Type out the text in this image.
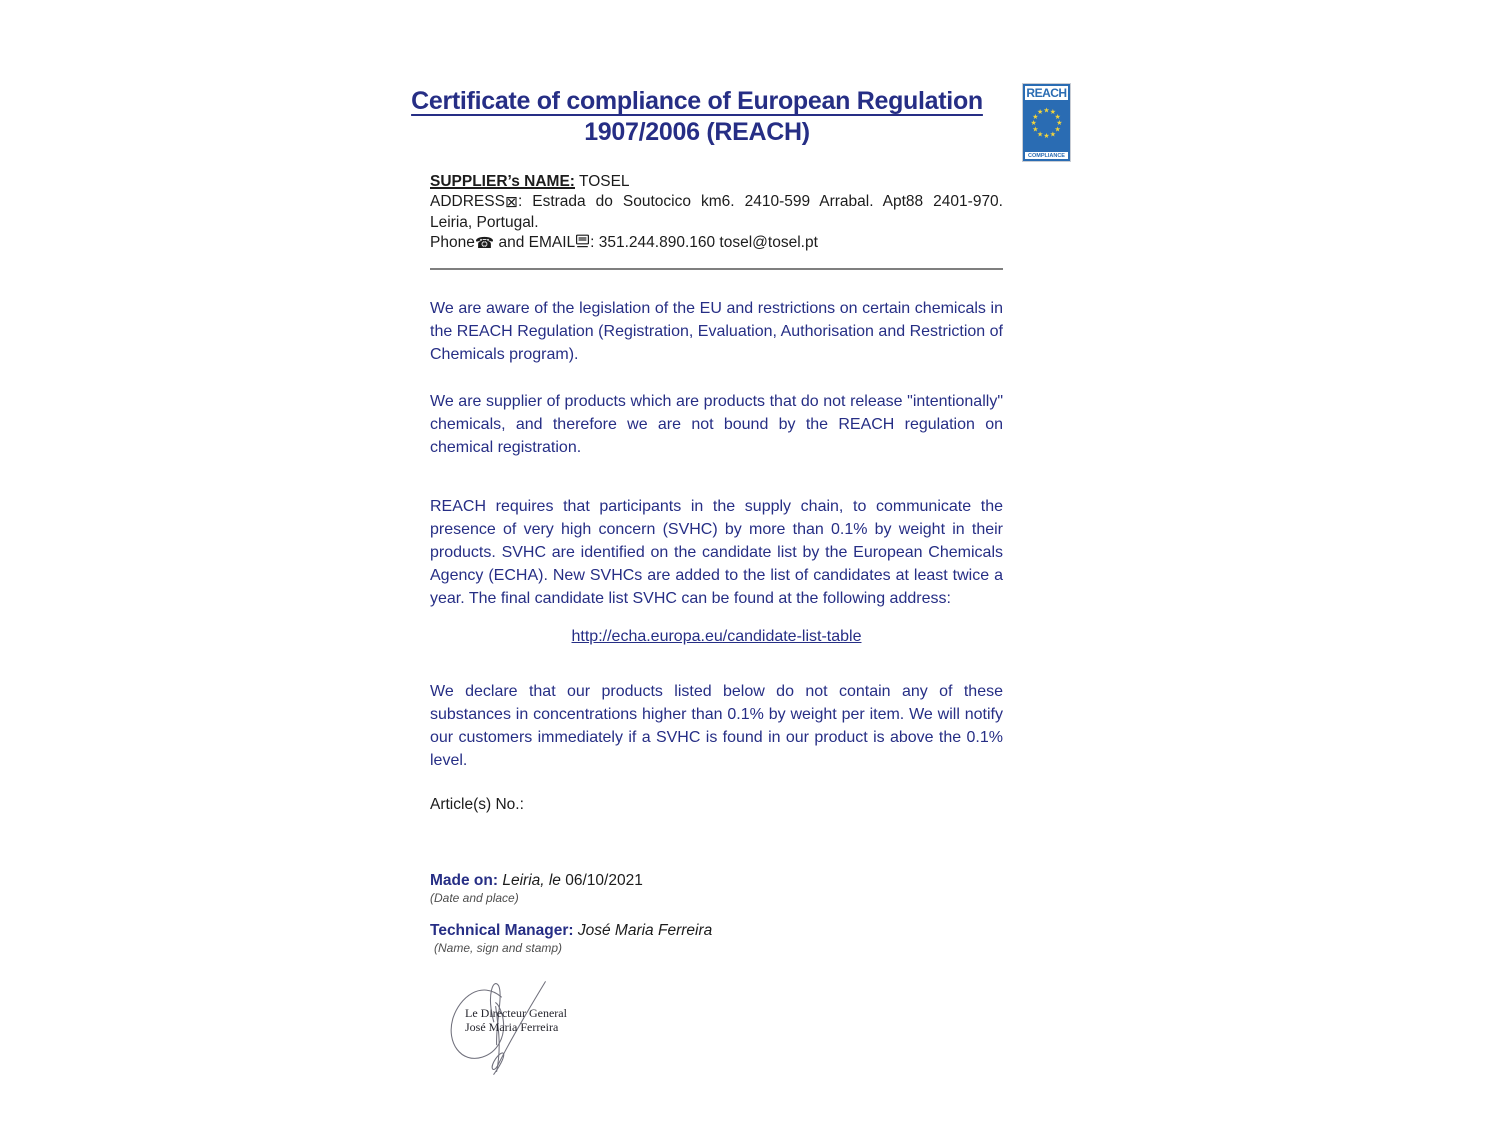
Certificate of compliance of European Regulation
1907/2006 (REACH)
REACH
★ ★
★
★
★
★
★
★
★
★
★
★
COMPLIANCE
SUPPLIER’s NAME: TOSEL
ADDRESS⊠: Estrada do Soutocico km6. 2410-599 Arrabal. Apt88 2401-970. Leiria, Portugal.
Phone☎ and EMAIL : 351.244.890.160 tosel@tosel.pt

We are aware of the legislation of the EU and restrictions on certain chemicals in the REACH Regulation (Registration, Evaluation, Authorisation and Restriction of Chemicals program).

We are supplier of products which are products that do not release "intentionally" chemicals, and therefore we are not bound by the REACH regulation on chemical registration.

REACH requires that participants in the supply chain, to communicate the presence of very high concern (SVHC) by more than 0.1% by weight in their products. SVHC are identified on the candidate list by the European Chemicals Agency (ECHA). New SVHCs are added to the list of candidates at least twice a year. The final candidate list SVHC can be found at the following address:

http://echa.europa.eu/candidate-list-table

We declare that our products listed below do not contain any of these substances in concentrations higher than 0.1% by weight per item. We will notify our customers immediately if a SVHC is found in our product is above the 0.1% level.

Article(s) No.:
Made on: Leiria, le 06/10/2021
(Date and place)
Technical Manager: José Maria Ferreira
(Name, sign and stamp)
Le Directeur General
José Maria Ferreira
